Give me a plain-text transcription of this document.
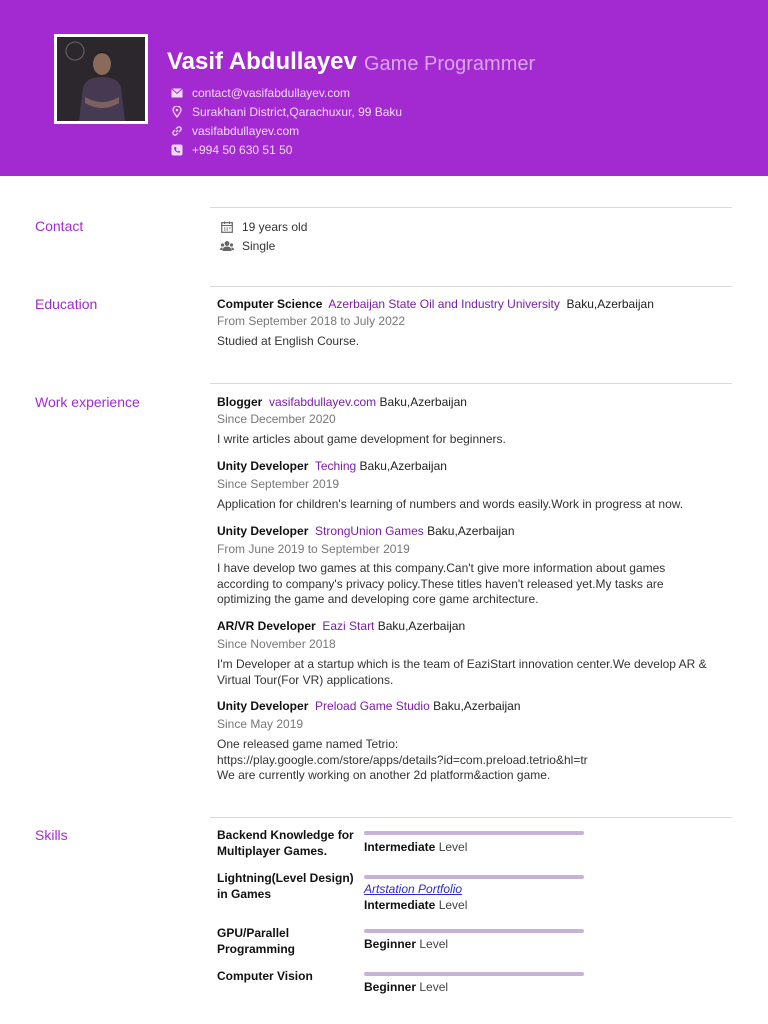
Vasif Abdullayev Game Programmer
contact@vasifabdullayev.com
Surakhani District,Qarachuxur, 99 Baku
vasifabdullayev.com
+994 50 630 51 50
Contact	19 years old
Single
Education	Computer Science Azerbaijan State Oil and Industry University Baku,Azerbaijan
From September 2018 to July 2022
Studied at English Course.
Work experience	Blogger vasifabdullayev.com Baku,Azerbaijan
Since December 2020
I write articles about game development for beginners.
Unity Developer Teching Baku,Azerbaijan
Since September 2019
Application for children's learning of numbers and words easily.Work in progress at now.
Unity Developer StrongUnion Games Baku,Azerbaijan
From June 2019 to September 2019
I have develop two games at this company.Can't give more information about games according to company's privacy policy.These titles haven't released yet.My tasks are optimizing the game and developing core game architecture.
AR/VR Developer Eazi Start Baku,Azerbaijan
Since November 2018
I'm Developer at a startup which is the team of EaziStart innovation center.We develop AR & Virtual Tour(For VR) applications.
Unity Developer Preload Game Studio Baku,Azerbaijan
Since May 2019
One released game named Tetrio:
https://play.google.com/store/apps/details?id=com.preload.tetrio&hl=tr
We are currently working on another 2d platform&action game.
Skills	Backend Knowledge for Multiplayer Games.	Intermediate Level
Lightning(Level Design) in Games	Artstation Portfolio
Intermediate Level
GPU/Parallel Programming	Beginner Level
Computer Vision
Beginner Level
